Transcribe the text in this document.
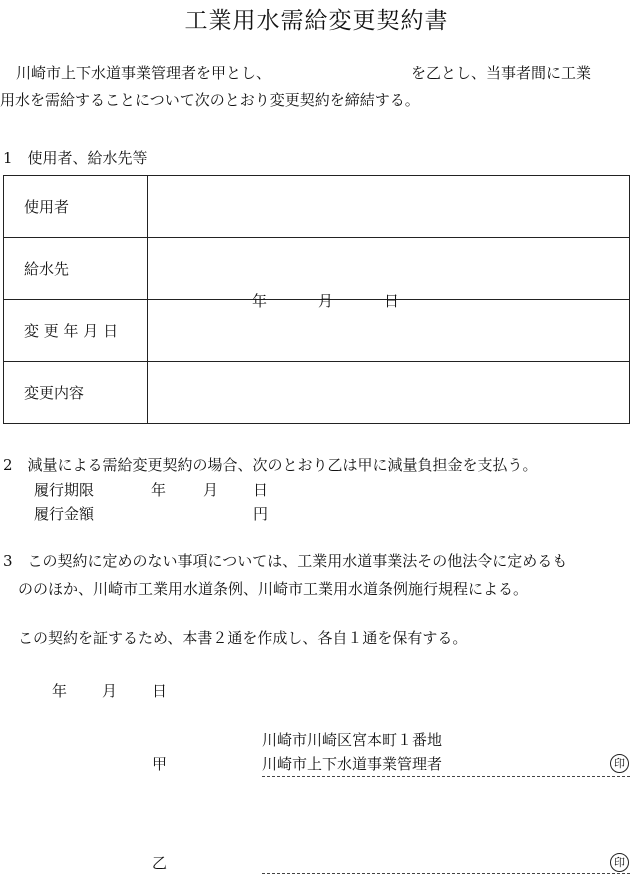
工業用水需給変更契約書
川崎市上下水道事業管理者を甲とし、	を乙とし、当事者間に工業
用水を需給することについて次のとおり変更契約を締結する。
1　使用者、給水先等
使用者	
給水先	
変 更 年 月 日	年 月 日

変更内容	
2　減量による需給変更契約の場合、次のとおり乙は甲に減量負担金を支払う。
履行期限	年 月 日
履行金額	円
3　この契約に定めのない事項については、工業用水道事業法その他法令に定めるも
ののほか、川崎市工業用水道条例、川崎市工業用水道条例施行規程による。
この契約を証するため、本書２通を作成し、各自１通を保有する。
年 月 日
甲
川崎市川崎区宮本町１番地
川崎市上下水道事業管理者	印
乙	印
